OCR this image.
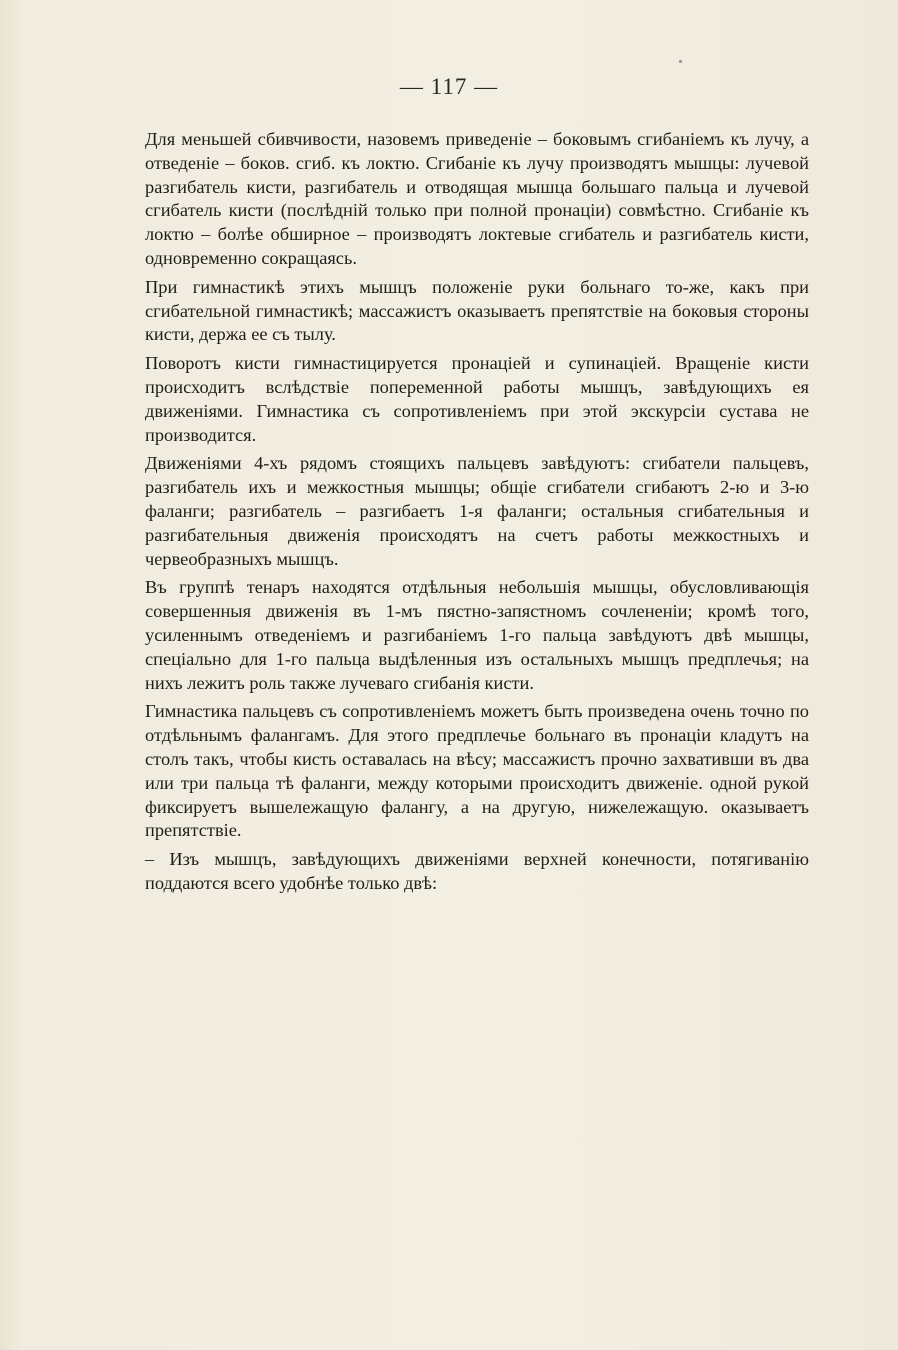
— 117 —

Для меньшей сбивчивости, назовемъ приведенiе – боковымъ сгибанiемъ къ лучу, а отведенiе – боков. сгиб. къ локтю. Сгибанiе къ лучу производятъ мышцы: лучевой разгибатель кисти, разгибатель и отводящая мышца большаго пальца и лучевой сгибатель кисти (послѣднiй только при полной пронацiи) совмѣстно. Сгибанiе къ локтю – болѣе обширное – производятъ локтевые сгибатель и разгибатель кисти, одновременно сокращаясь.

При гимнастикѣ этихъ мышцъ положенiе руки больнаго то-же, какъ при сгибательной гимнастикѣ; массажистъ оказываетъ препятствiе на боковыя стороны кисти, держа ее съ тылу.

Поворотъ кисти гимнастицируется пронацiей и супинацiей. Вращенiе кисти происходитъ вслѣдствiе попеременной работы мышцъ, завѣдующихъ ея движенiями. Гимнастика съ сопротивленiемъ при этой экскурсiи сустава не производится.

Движенiями 4-хъ рядомъ стоящихъ пальцевъ завѣдуютъ: сгибатели пальцевъ, разгибатель ихъ и межкостныя мышцы; общiе сгибатели сгибаютъ 2-ю и 3-ю фаланги; разгибатель – разгибаетъ 1-я фаланги; остальныя сгибательныя и разгибательныя движенiя происходятъ на счетъ работы межкостныхъ и червеобразныхъ мышцъ.

Въ группѣ тенаръ находятся отдѣльныя небольшiя мышцы, обусловливающiя совершенныя движенiя въ 1-мъ пястно-запястномъ сочлененiи; кромѣ того, усиленнымъ отведенiемъ и разгибанiемъ 1-го пальца завѣдуютъ двѣ мышцы, спецiально для 1-го пальца выдѣленныя изъ остальныхъ мышцъ предплечья; на нихъ лежитъ роль также лучеваго сгибанiя кисти.

Гимнастика пальцевъ съ сопротивленiемъ можетъ быть произведена очень точно по отдѣльнымъ фалангамъ. Для этого предплечье больнаго въ пронацiи кладутъ на столъ такъ, чтобы кисть оставалась на вѣсу; массажистъ прочно захвативши въ два или три пальца тѣ фаланги, между которыми происходитъ движенiе. одной рукой фиксируетъ вышележащую фалангу, а на другую, нижележащую. оказываетъ препятствiе.

– Изъ мышцъ, завѣдующихъ движенiями верхней конечности, потягиванiю поддаются всего удобнѣе только двѣ:
